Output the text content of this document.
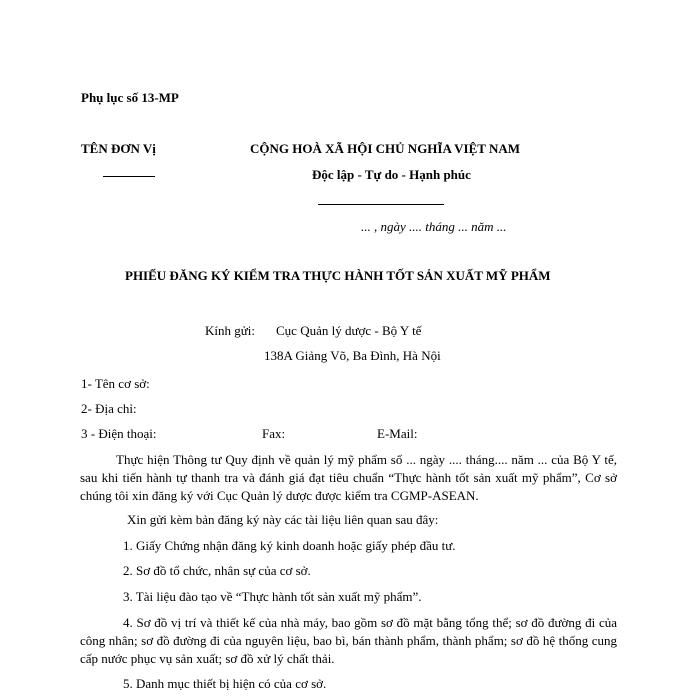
Phụ lục số 13-MP
TÊN ĐƠN Vị	CỘNG HOÀ XÃ HỘI CHỦ NGHĨA VIỆT NAM
Độc lập - Tự do - Hạnh phúc
... , ngày .... tháng ... năm ...
PHIẾU ĐĂNG KÝ KIỂM TRA THỰC HÀNH TỐT SẢN XUẤT MỸ PHẨM
Kính gửi: Cục Quản lý dược - Bộ Y tế
138A Giảng Võ, Ba Đình, Hà Nội
1- Tên cơ sở:
2- Địa chỉ:
3 - Điện thoại:	Fax:	E-Mail:
Thực hiện Thông tư Quy định về quản lý mỹ phẩm số ... ngày .... tháng.... năm ... của Bộ Y tế, sau khi tiến hành tự thanh tra và đánh giá đạt tiêu chuẩn “Thực hành tốt sản xuất mỹ phẩm”, Cơ sở chúng tôi xin đăng ký với Cục Quản lý dược được kiểm tra CGMP-ASEAN.
Xin gửi kèm bản đăng ký này các tài liệu liên quan sau đây:
1. Giấy Chứng nhận đăng ký kinh doanh hoặc giấy phép đầu tư.
2. Sơ đồ tổ chức, nhân sự của cơ sở.
3. Tài liệu đào tạo về “Thực hành tốt sản xuất mỹ phẩm”.
4. Sơ đồ vị trí và thiết kế của nhà máy, bao gồm sơ đồ mặt bằng tổng thể; sơ đồ đường đi của công nhân; sơ đồ đường đi của nguyên liệu, bao bì, bán thành phẩm, thành phẩm; sơ đồ hệ thống cung cấp nước phục vụ sản xuất; sơ đồ xử lý chất thải.
5. Danh mục thiết bị hiện có của cơ sở.
